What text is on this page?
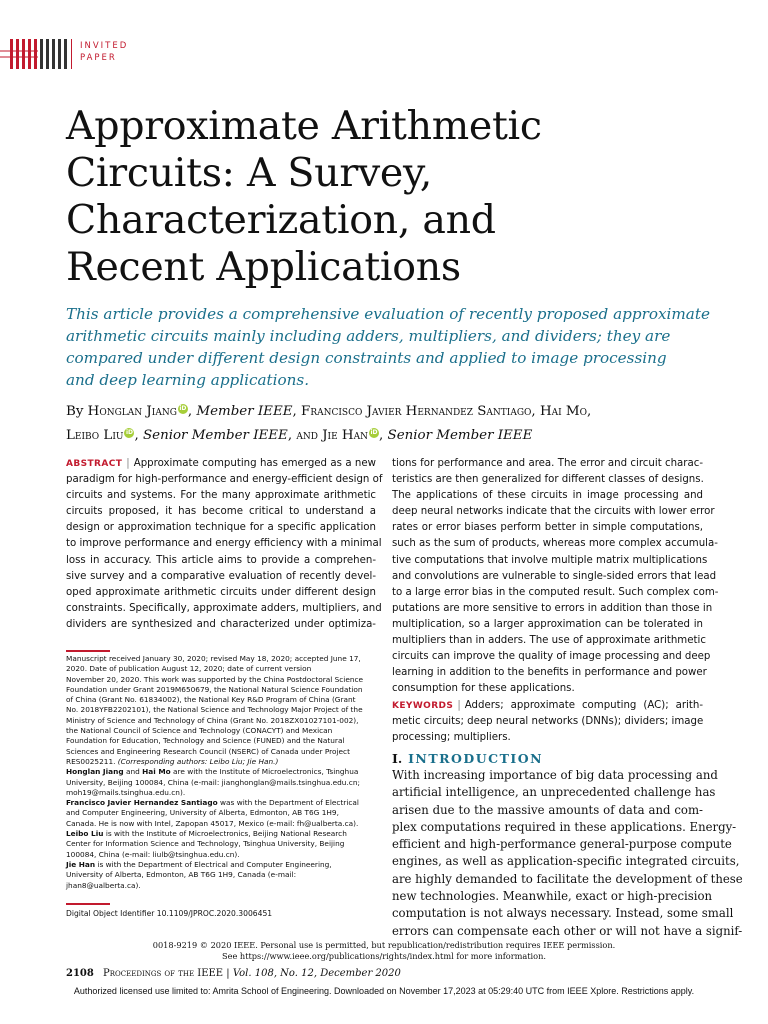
INVITED
PAPER
Approximate Arithmetic
Circuits: A Survey,
Characterization, and
Recent Applications
This article provides a comprehensive evaluation of recently proposed approximate
arithmetic circuits mainly including adders, multipliers, and dividers; they are
compared under different design constraints and applied to image processing
and deep learning applications.
By Honglan Jiang iD, Member IEEE, Francisco Javier Hernandez Santiago, Hai Mo,
Leibo Liu iD, Senior Member IEEE, and Jie Han iD, Senior Member IEEE
ABSTRACT | Approximate computing has emerged as a new
paradigm for high-performance and energy-efficient design of
circuits and systems. For the many approximate arithmetic
circuits proposed, it has become critical to understand a
design or approximation technique for a specific application
to improve performance and energy efficiency with a minimal
loss in accuracy. This article aims to provide a comprehen-
sive survey and a comparative evaluation of recently devel-
oped approximate arithmetic circuits under different design
constraints. Specifically, approximate adders, multipliers, and
dividers are synthesized and characterized under optimiza-
tions for performance and area. The error and circuit charac-
teristics are then generalized for different classes of designs.
The applications of these circuits in image processing and
deep neural networks indicate that the circuits with lower error
rates or error biases perform better in simple computations,
such as the sum of products, whereas more complex accumula-
tive computations that involve multiple matrix multiplications
and convolutions are vulnerable to single-sided errors that lead
to a large error bias in the computed result. Such complex com-
putations are more sensitive to errors in addition than those in
multiplication, so a larger approximation can be tolerated in
multipliers than in adders. The use of approximate arithmetic
circuits can improve the quality of image processing and deep
learning in addition to the benefits in performance and power
consumption for these applications.
KEYWORDS | Adders; approximate computing (AC); arith-
metic circuits; deep neural networks (DNNs); dividers; image
processing; multipliers.
I. INTRODUCTION
With increasing importance of big data processing and
artificial intelligence, an unprecedented challenge has
arisen due to the massive amounts of data and com-
plex computations required in these applications. Energy-
efficient and high-performance general-purpose compute
engines, as well as application-specific integrated circuits,
are highly demanded to facilitate the development of these
new technologies. Meanwhile, exact or high-precision
computation is not always necessary. Instead, some small
errors can compensate each other or will not have a signif-
Manuscript received January 30, 2020; revised May 18, 2020; accepted June 17,
2020. Date of publication August 12, 2020; date of current version
November 20, 2020. This work was supported by the China Postdoctoral Science
Foundation under Grant 2019M650679, the National Natural Science Foundation
of China (Grant No. 61834002), the National Key R&D Program of China (Grant
No. 2018YFB2202101), the National Science and Technology Major Project of the
Ministry of Science and Technology of China (Grant No. 2018ZX01027101-002),
the National Council of Science and Technology (CONACYT) and Mexican
Foundation for Education, Technology and Science (FUNED) and the Natural
Sciences and Engineering Research Council (NSERC) of Canada under Project
RES0025211. (Corresponding authors: Leibo Liu; Jie Han.)
Honglan Jiang and Hai Mo are with the Institute of Microelectronics, Tsinghua
University, Beijing 100084, China (e-mail: jianghonglan@mails.tsinghua.edu.cn;
moh19@mails.tsinghua.edu.cn).
Francisco Javier Hernandez Santiago was with the Department of Electrical
and Computer Engineering, University of Alberta, Edmonton, AB T6G 1H9,
Canada. He is now with Intel, Zapopan 45017, Mexico (e-mail: fh@ualberta.ca).
Leibo Liu is with the Institute of Microelectronics, Beijing National Research
Center for Information Science and Technology, Tsinghua University, Beijing
100084, China (e-mail: liulb@tsinghua.edu.cn).
Jie Han is with the Department of Electrical and Computer Engineering,
University of Alberta, Edmonton, AB T6G 1H9, Canada (e-mail:
jhan8@ualberta.ca).
Digital Object Identifier 10.1109/JPROC.2020.3006451
0018-9219 © 2020 IEEE. Personal use is permitted, but republication/redistribution requires IEEE permission.
See https://www.ieee.org/publications/rights/index.html for more information.
2108 Proceedings of the IEEE | Vol. 108, No. 12, December 2020
Authorized licensed use limited to: Amrita School of Engineering. Downloaded on November 17,2023 at 05:29:40 UTC from IEEE Xplore. Restrictions apply.
